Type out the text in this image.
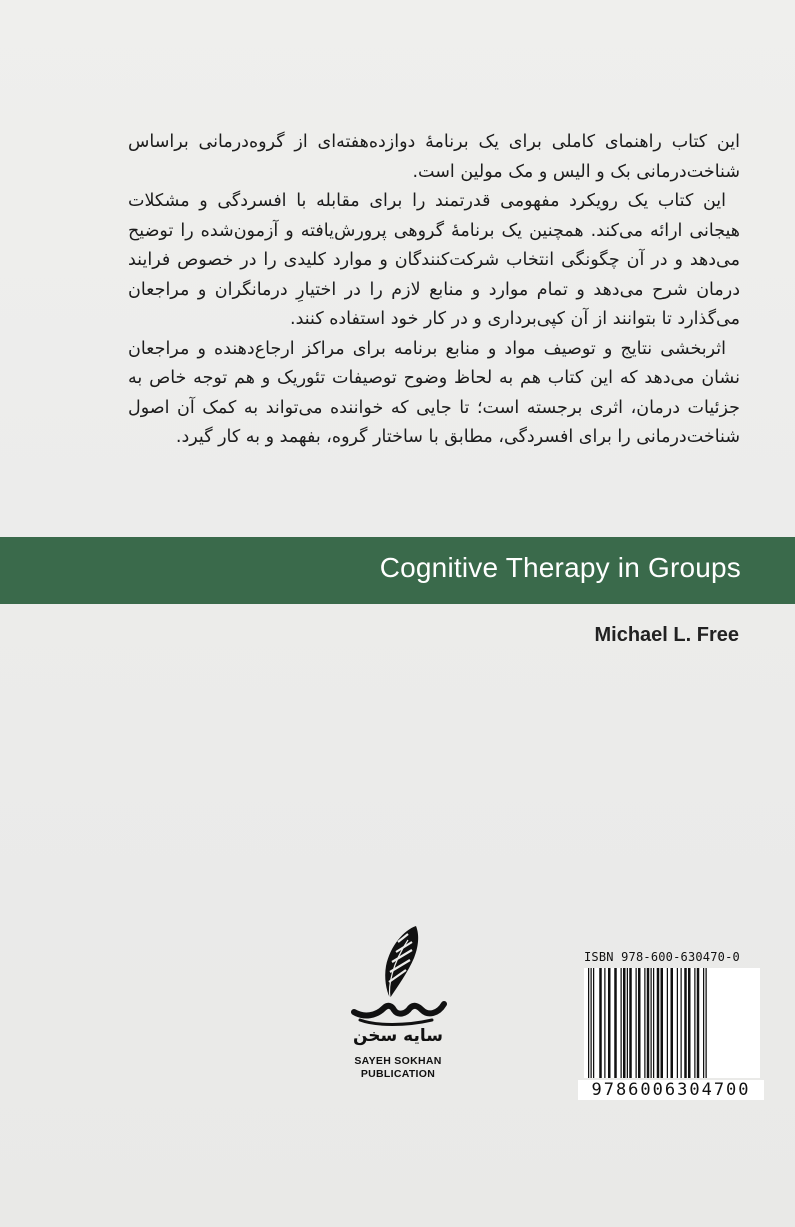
این کتاب راهنمای کاملی برای یک برنامهٔ دوازده‌هفته‌ای از گروه‌درمانی براساس شناخت‌درمانی بک و الیس و مک مولین است.

این کتاب یک رویکرد مفهومی قدرتمند را برای مقابله با افسردگی و مشکلات هیجانی ارائه می‌کند. همچنین یک برنامهٔ گروهی پرورش‌یافته و آزمون‌شده را توضیح می‌دهد و در آن چگونگی انتخاب شرکت‌کنندگان و موارد کلیدی را در خصوص فرایند درمان شرح می‌دهد و تمام موارد و منابع لازم را در اختیارِ درمانگران و مراجعان می‌گذارد تا بتوانند از آن کپی‌برداری و در کار خود استفاده کنند.

اثربخشی نتایج و توصیف مواد و منابع برنامه برای مراکز ارجاع‌دهنده و مراجعان نشان می‌دهد که این کتاب هم به لحاظ وضوح توصیفات تئوریک و هم توجه خاص به جزئیات درمان، اثری برجسته است؛ تا جایی که خواننده می‌تواند به کمک آن اصول شناخت‌درمانی را برای افسردگی، مطابق با ساختار گروه، بفهمد و به کار گیرد.

Cognitive Therapy in Groups
Michael L. Free
سایه سخن
SAYEH SOKHAN
PUBLICATION
ISBN 978-600-630470-0
9786006304700
